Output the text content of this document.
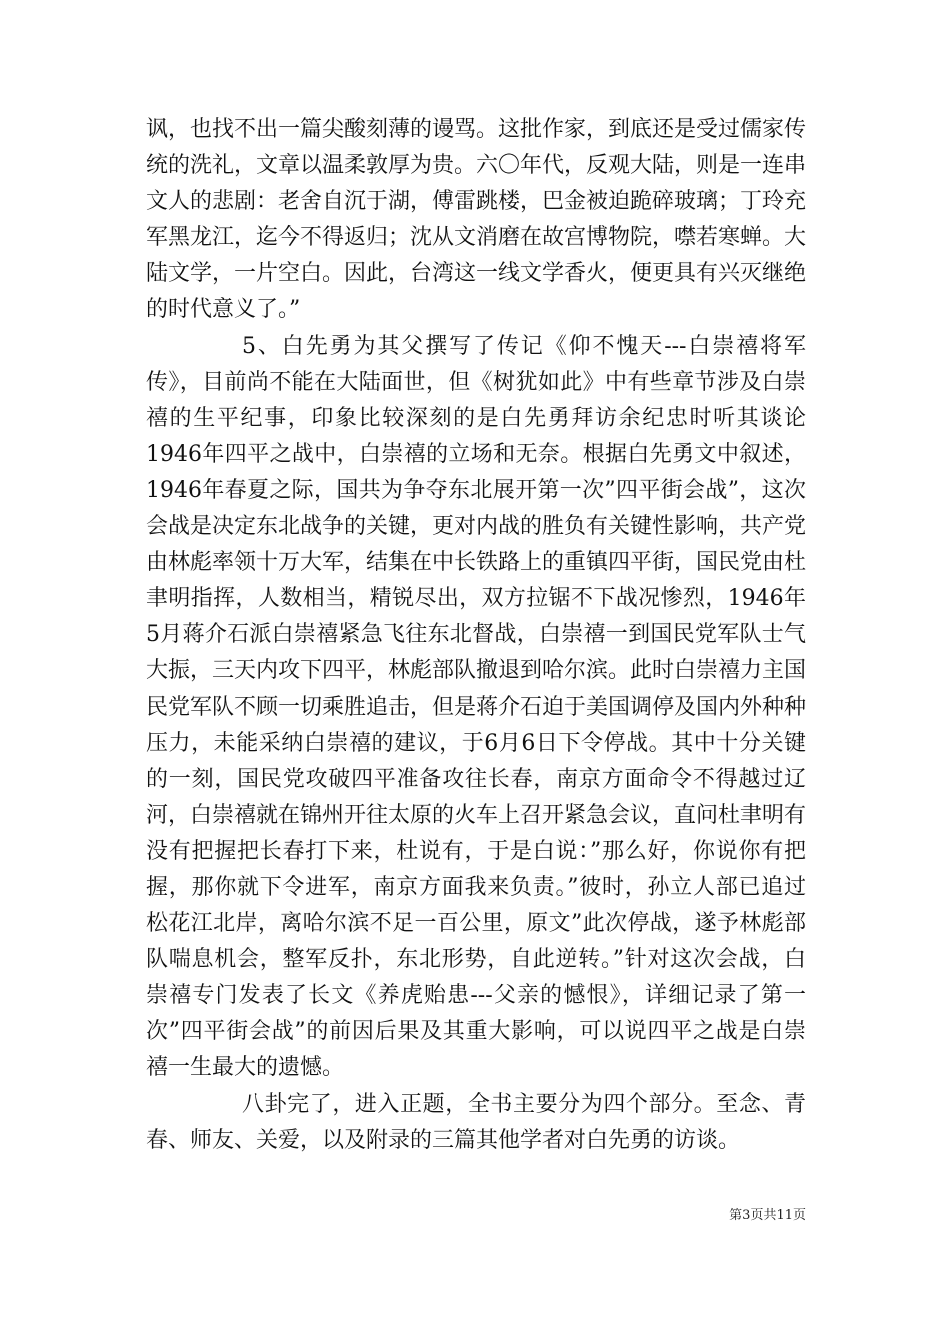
讽，也找不出一篇尖酸刻薄的谩骂。这批作家，到底还是受过儒家传统的洗礼，文章以温柔敦厚为贵。六〇年代，反观大陆，则是一连串文人的悲剧：老舍自沉于湖，傅雷跳楼，巴金被迫跪碎玻璃；丁玲充军黑龙江，迄今不得返归；沈从文消磨在故宫博物院，噤若寒蝉。大陆文学，一片空白。因此，台湾这一线文学香火，便更具有兴灭继绝的时代意义了。”

5、白先勇为其父撰写了传记《仰不愧天---白崇禧将军传》，目前尚不能在大陆面世，但《树犹如此》中有些章节涉及白崇禧的生平纪事，印象比较深刻的是白先勇拜访余纪忠时听其谈论1946年四平之战中，白崇禧的立场和无奈。根据白先勇文中叙述，1946年春夏之际，国共为争夺东北展开第一次”四平街会战”，这次会战是决定东北战争的关键，更对内战的胜负有关键性影响，共产党由林彪率领十万大军，结集在中长铁路上的重镇四平街，国民党由杜聿明指挥，人数相当，精锐尽出，双方拉锯不下战况惨烈，1946年5月蒋介石派白崇禧紧急飞往东北督战，白崇禧一到国民党军队士气大振，三天内攻下四平，林彪部队撤退到哈尔滨。此时白崇禧力主国民党军队不顾一切乘胜追击，但是蒋介石迫于美国调停及国内外种种压力，未能采纳白崇禧的建议，于6月6日下令停战。其中十分关键的一刻，国民党攻破四平准备攻往长春，南京方面命令不得越过辽河，白崇禧就在锦州开往太原的火车上召开紧急会议，直问杜聿明有没有把握把长春打下来，杜说有，于是白说：”那么好，你说你有把握，那你就下令进军，南京方面我来负责。”彼时，孙立人部已追过松花江北岸，离哈尔滨不足一百公里，原文”此次停战，遂予林彪部队喘息机会，整军反扑，东北形势，自此逆转。”针对这次会战，白崇禧专门发表了长文《养虎贻患---父亲的憾恨》，详细记录了第一次”四平街会战”的前因后果及其重大影响，可以说四平之战是白崇禧一生最大的遗憾。

八卦完了，进入正题，全书主要分为四个部分。至念、青春、师友、关爱，以及附录的三篇其他学者对白先勇的访谈。

第3页共11页
